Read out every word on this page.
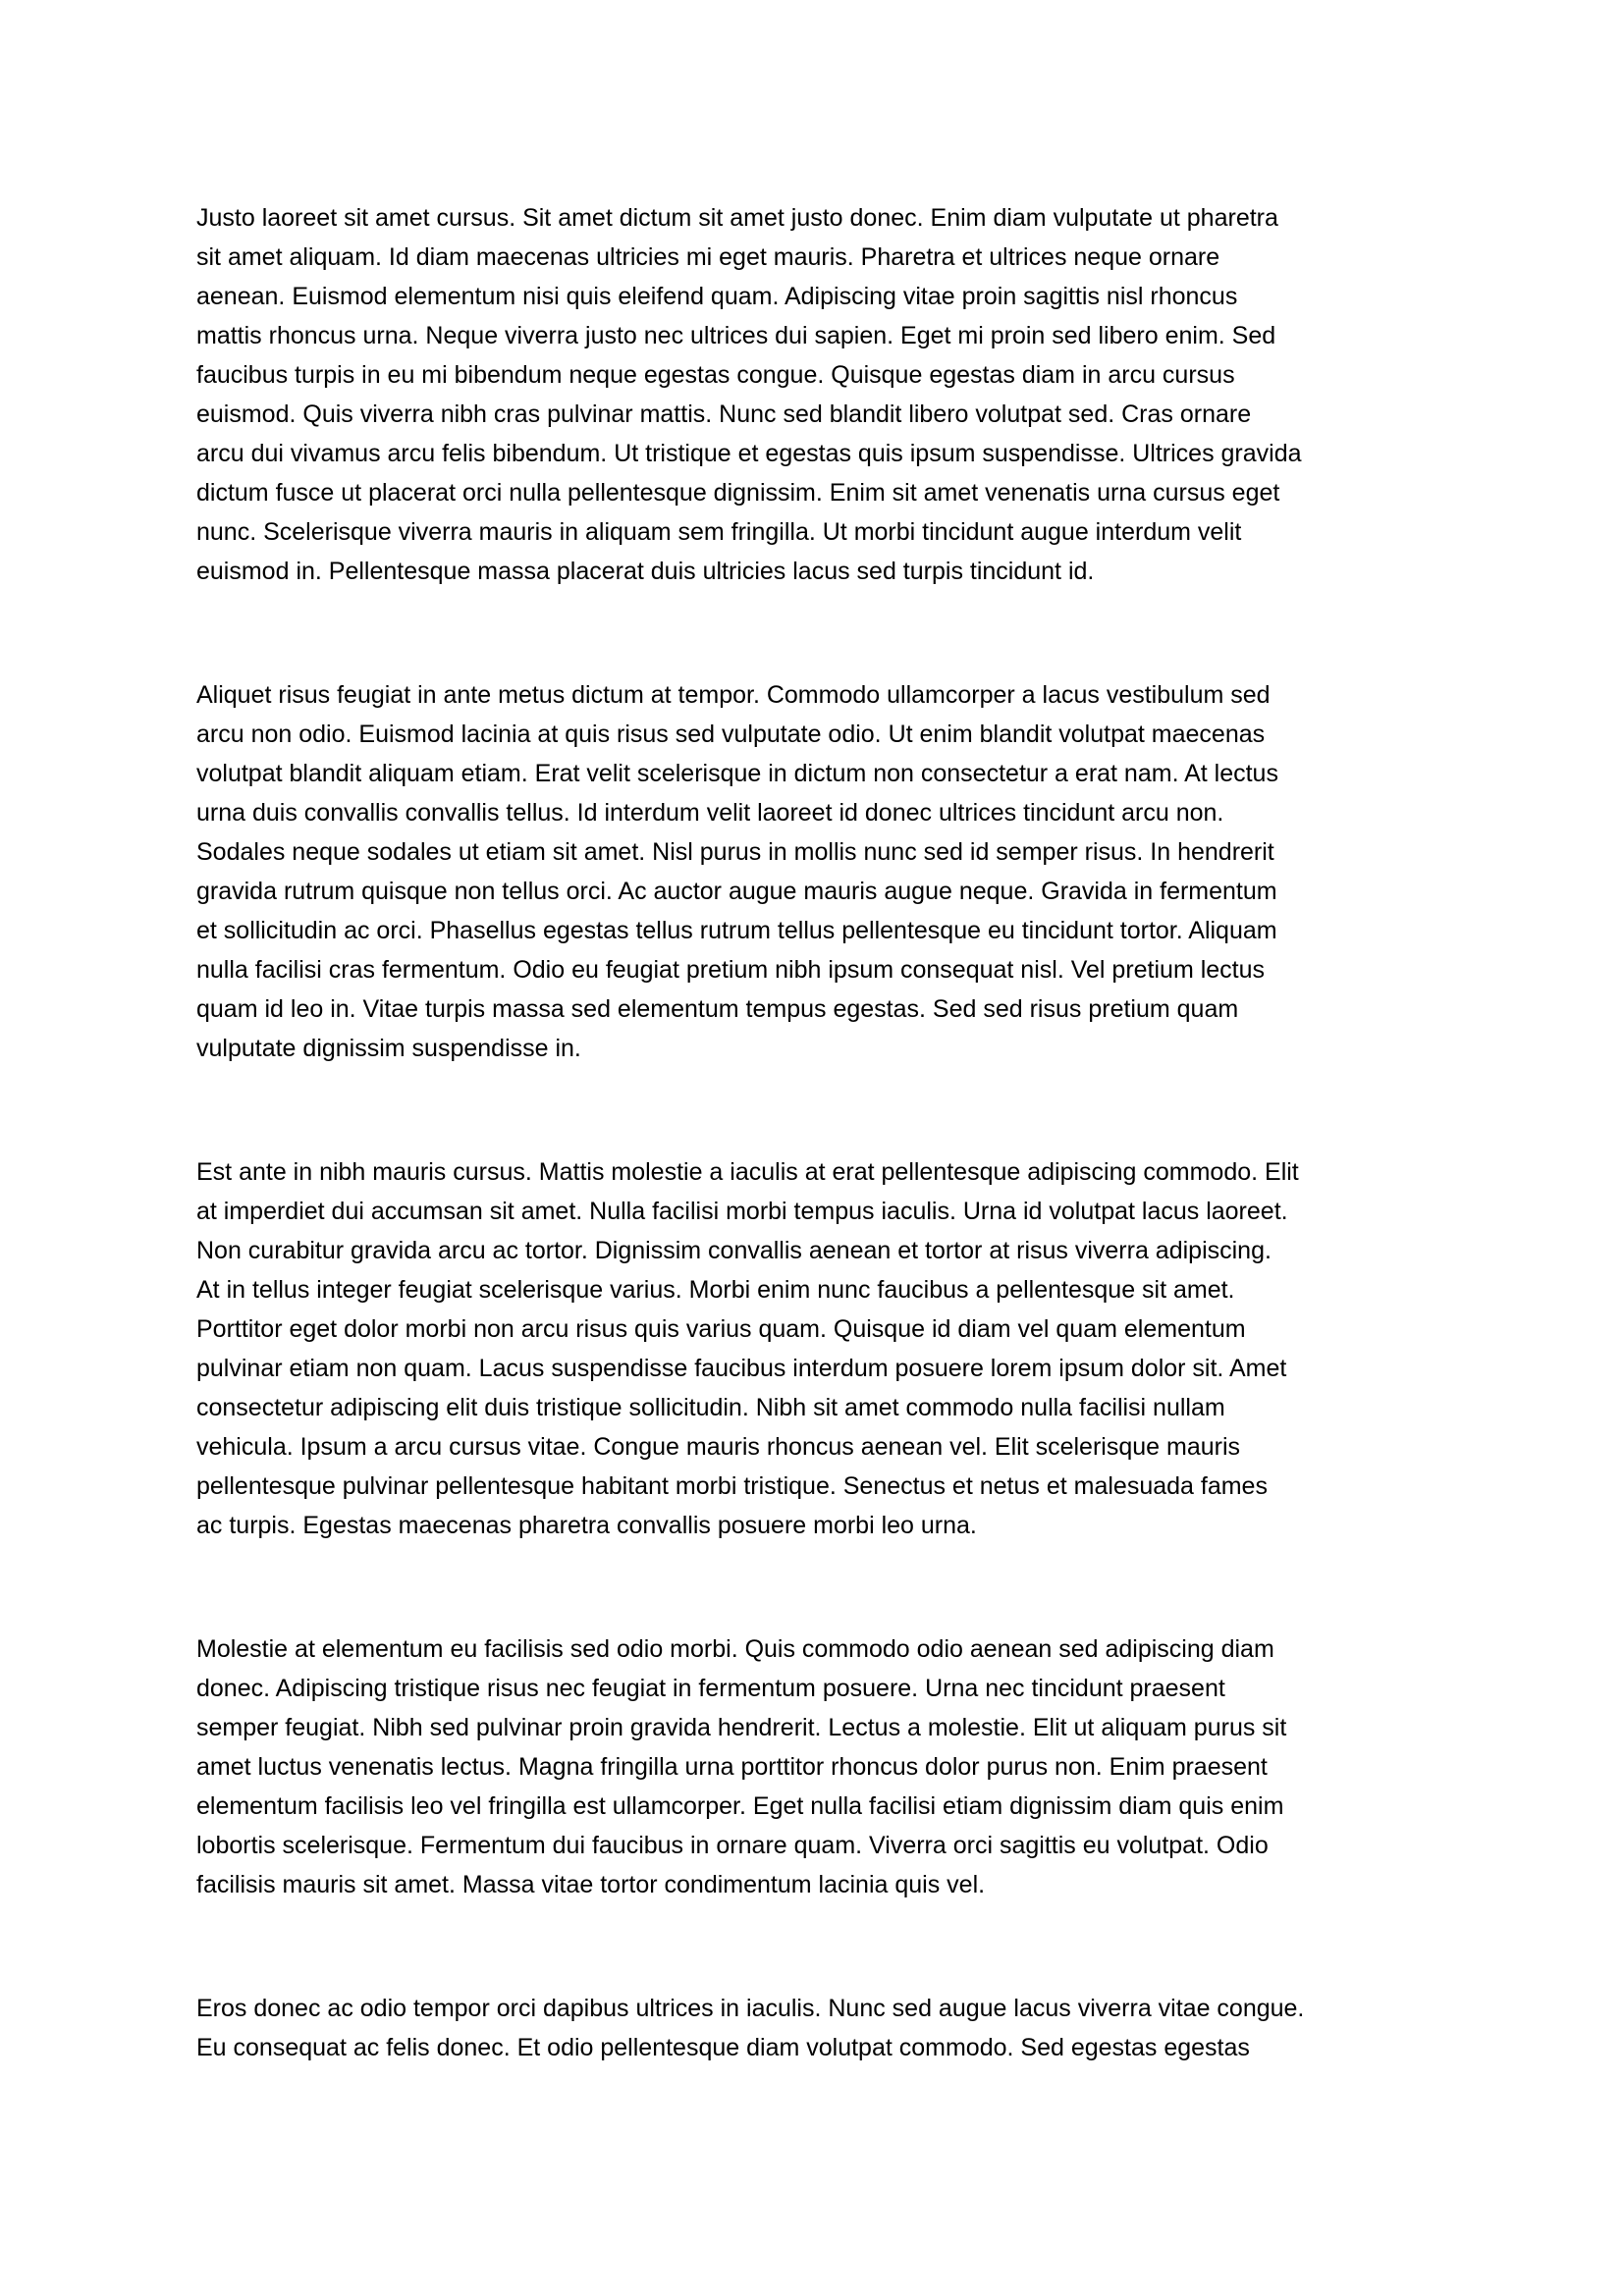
Justo laoreet sit amet cursus. Sit amet dictum sit amet justo donec. Enim diam vulputate ut pharetra
sit amet aliquam. Id diam maecenas ultricies mi eget mauris. Pharetra et ultrices neque ornare
aenean. Euismod elementum nisi quis eleifend quam. Adipiscing vitae proin sagittis nisl rhoncus
mattis rhoncus urna. Neque viverra justo nec ultrices dui sapien. Eget mi proin sed libero enim. Sed
faucibus turpis in eu mi bibendum neque egestas congue. Quisque egestas diam in arcu cursus
euismod. Quis viverra nibh cras pulvinar mattis. Nunc sed blandit libero volutpat sed. Cras ornare
arcu dui vivamus arcu felis bibendum. Ut tristique et egestas quis ipsum suspendisse. Ultrices gravida
dictum fusce ut placerat orci nulla pellentesque dignissim. Enim sit amet venenatis urna cursus eget
nunc. Scelerisque viverra mauris in aliquam sem fringilla. Ut morbi tincidunt augue interdum velit
euismod in. Pellentesque massa placerat duis ultricies lacus sed turpis tincidunt id.
Aliquet risus feugiat in ante metus dictum at tempor. Commodo ullamcorper a lacus vestibulum sed
arcu non odio. Euismod lacinia at quis risus sed vulputate odio. Ut enim blandit volutpat maecenas
volutpat blandit aliquam etiam. Erat velit scelerisque in dictum non consectetur a erat nam. At lectus
urna duis convallis convallis tellus. Id interdum velit laoreet id donec ultrices tincidunt arcu non.
Sodales neque sodales ut etiam sit amet. Nisl purus in mollis nunc sed id semper risus. In hendrerit
gravida rutrum quisque non tellus orci. Ac auctor augue mauris augue neque. Gravida in fermentum
et sollicitudin ac orci. Phasellus egestas tellus rutrum tellus pellentesque eu tincidunt tortor. Aliquam
nulla facilisi cras fermentum. Odio eu feugiat pretium nibh ipsum consequat nisl. Vel pretium lectus
quam id leo in. Vitae turpis massa sed elementum tempus egestas. Sed sed risus pretium quam
vulputate dignissim suspendisse in.
Est ante in nibh mauris cursus. Mattis molestie a iaculis at erat pellentesque adipiscing commodo. Elit
at imperdiet dui accumsan sit amet. Nulla facilisi morbi tempus iaculis. Urna id volutpat lacus laoreet.
Non curabitur gravida arcu ac tortor. Dignissim convallis aenean et tortor at risus viverra adipiscing.
At in tellus integer feugiat scelerisque varius. Morbi enim nunc faucibus a pellentesque sit amet.
Porttitor eget dolor morbi non arcu risus quis varius quam. Quisque id diam vel quam elementum
pulvinar etiam non quam. Lacus suspendisse faucibus interdum posuere lorem ipsum dolor sit. Amet
consectetur adipiscing elit duis tristique sollicitudin. Nibh sit amet commodo nulla facilisi nullam
vehicula. Ipsum a arcu cursus vitae. Congue mauris rhoncus aenean vel. Elit scelerisque mauris
pellentesque pulvinar pellentesque habitant morbi tristique. Senectus et netus et malesuada fames
ac turpis. Egestas maecenas pharetra convallis posuere morbi leo urna.
Molestie at elementum eu facilisis sed odio morbi. Quis commodo odio aenean sed adipiscing diam
donec. Adipiscing tristique risus nec feugiat in fermentum posuere. Urna nec tincidunt praesent
semper feugiat. Nibh sed pulvinar proin gravida hendrerit. Lectus a molestie. Elit ut aliquam purus sit
amet luctus venenatis lectus. Magna fringilla urna porttitor rhoncus dolor purus non. Enim praesent
elementum facilisis leo vel fringilla est ullamcorper. Eget nulla facilisi etiam dignissim diam quis enim
lobortis scelerisque. Fermentum dui faucibus in ornare quam. Viverra orci sagittis eu volutpat. Odio
facilisis mauris sit amet. Massa vitae tortor condimentum lacinia quis vel.
Eros donec ac odio tempor orci dapibus ultrices in iaculis. Nunc sed augue lacus viverra vitae congue.
Eu consequat ac felis donec. Et odio pellentesque diam volutpat commodo. Sed egestas egestas
